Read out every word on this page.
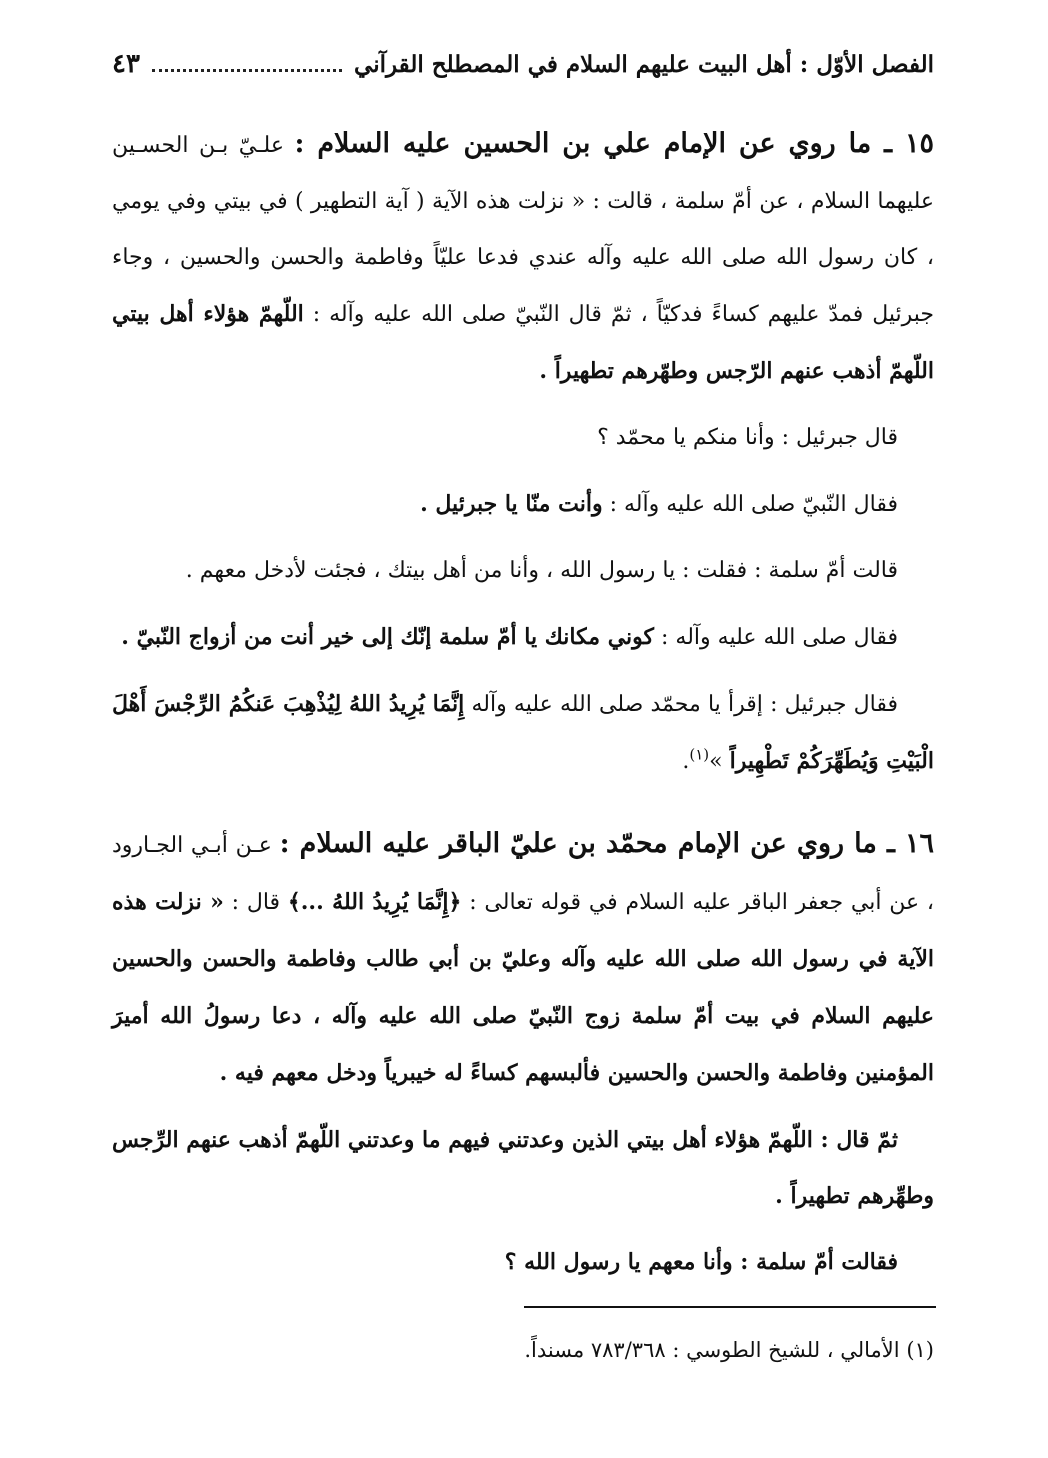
الفصل الأوّل : أهل البيت عليهم السلام في المصطلح القرآني
٤٣

١٥ ـ ما روي عن الإمام علي بن الحسين عليه السلام : علـيّ بـن الحسـين عليهما السلام ، عن أمّ سلمة ، قالت : « نزلت هذه الآية ( آية التطهير ) في بيتي وفي يومي ، كان رسول الله صلى الله عليه وآله عندي فدعا عليّاً وفاطمة والحسن والحسين ، وجاء جبرئيل فمدّ عليهم كساءً فدكيّاً ، ثمّ قال النّبيّ صلى الله عليه وآله : اللّهمّ هؤلاء أهل بيتي اللّهمّ أذهب عنهم الرّجس وطهّرهم تطهيراً .

قال جبرئيل : وأنا منكم يا محمّد ؟

فقال النّبيّ صلى الله عليه وآله : وأنت منّا يا جبرئيل .

قالت أمّ سلمة : فقلت : يا رسول الله ، وأنا من أهل بيتك ، فجئت لأدخل معهم .

فقال صلى الله عليه وآله : كوني مكانك يا أمّ سلمة إنّك إلى خير أنت من أزواج النّبيّ .

فقال جبرئيل : إقرأ يا محمّد صلى الله عليه وآله إِنَّمَا يُرِيدُ اللهُ لِيُذْهِبَ عَنكُمُ الرِّجْسَ أَهْلَ الْبَيْتِ وَيُطَهِّرَكُمْ تَطْهِيراً »$^{(١)}$.

١٦ ـ ما روي عن الإمام محمّد بن عليّ الباقر عليه السلام : عـن أبـي الجـارود ، عن أبي جعفر الباقر عليه السلام في قوله تعالى : ﴿إِنَّمَا يُرِيدُ اللهُ ...﴾ قال : « نزلت هذه الآية في رسول الله صلى الله عليه وآله وعليّ بن أبي طالب وفاطمة والحسن والحسين عليهم السلام في بيت أمّ سلمة زوج النّبيّ صلى الله عليه وآله ، دعا رسولُ الله أميرَ المؤمنين وفاطمة والحسن والحسين فألبسهم كساءً له خيبرياً ودخل معهم فيه .

ثمّ قال : اللّهمّ هؤلاء أهل بيتي الذين وعدتني فيهم ما وعدتني اللّهمّ أذهب عنهم الرِّجس وطهِّرهم تطهيراً .

فقالت أمّ سلمة : وأنا معهم يا رسول الله ؟

(١) الأمالي ، للشيخ الطوسي : ٧٨٣/٣٦٨ مسنداً.
